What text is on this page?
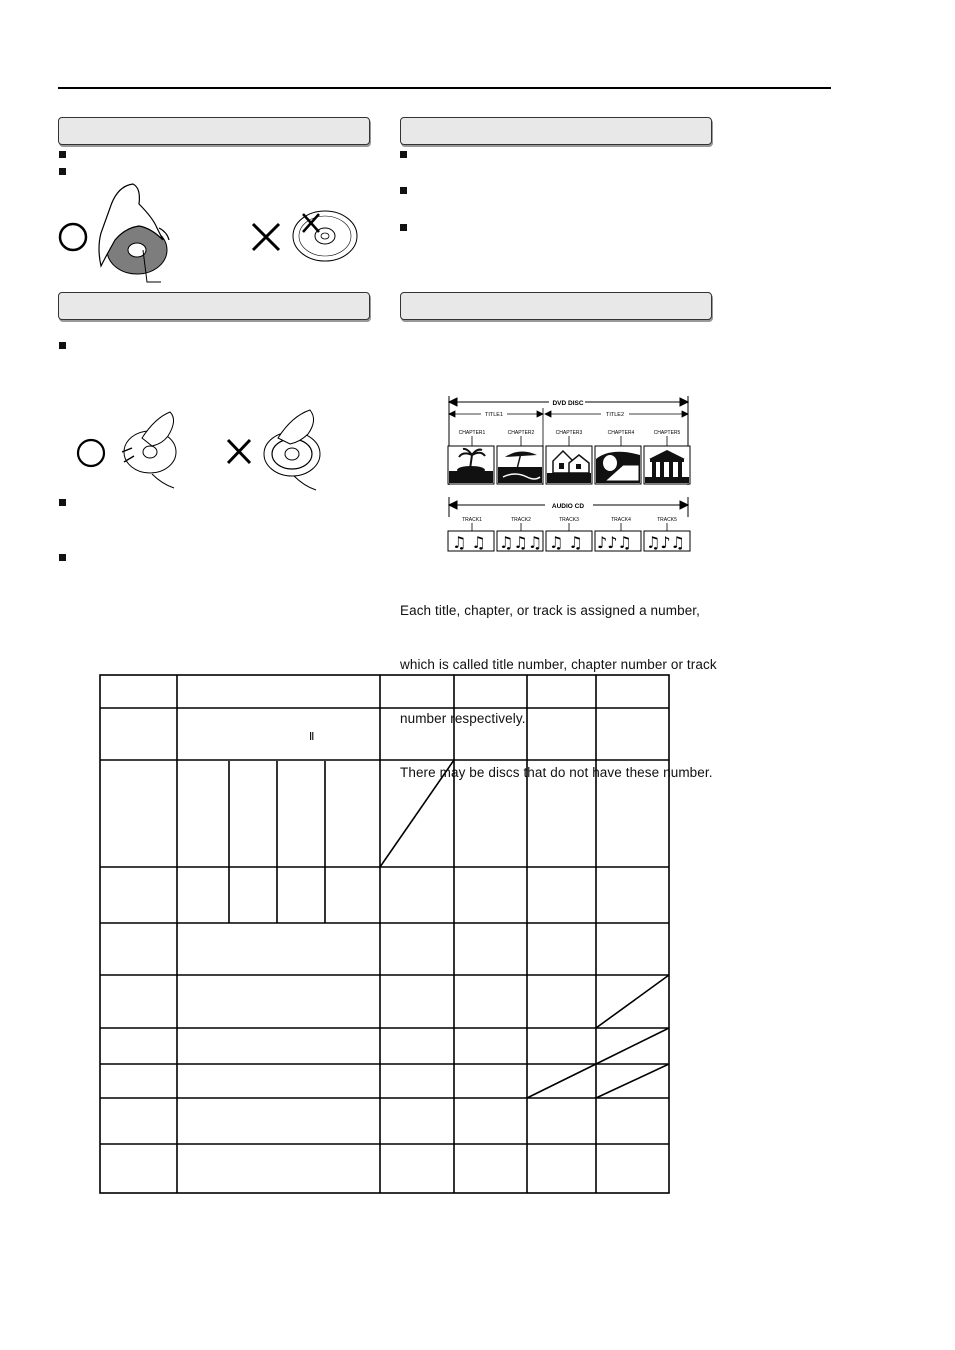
DVD DISC
TITLE1	TITLE2
CHAPTER1	CHAPTER2	CHAPTER3	CHAPTER4	CHAPTER5
AUDIO CD
TRACK1	TRACK2	TRACK3	TRACK4	TRACK5
♫ ♫ ♫♫♫ ♫ ♫ ♪♪♫ ♫♪♫

Each title, chapter, or track is assigned a number,

which is called title number, chapter number or track

number respectively.

There may be discs that do not have these number.

Ⅱ
